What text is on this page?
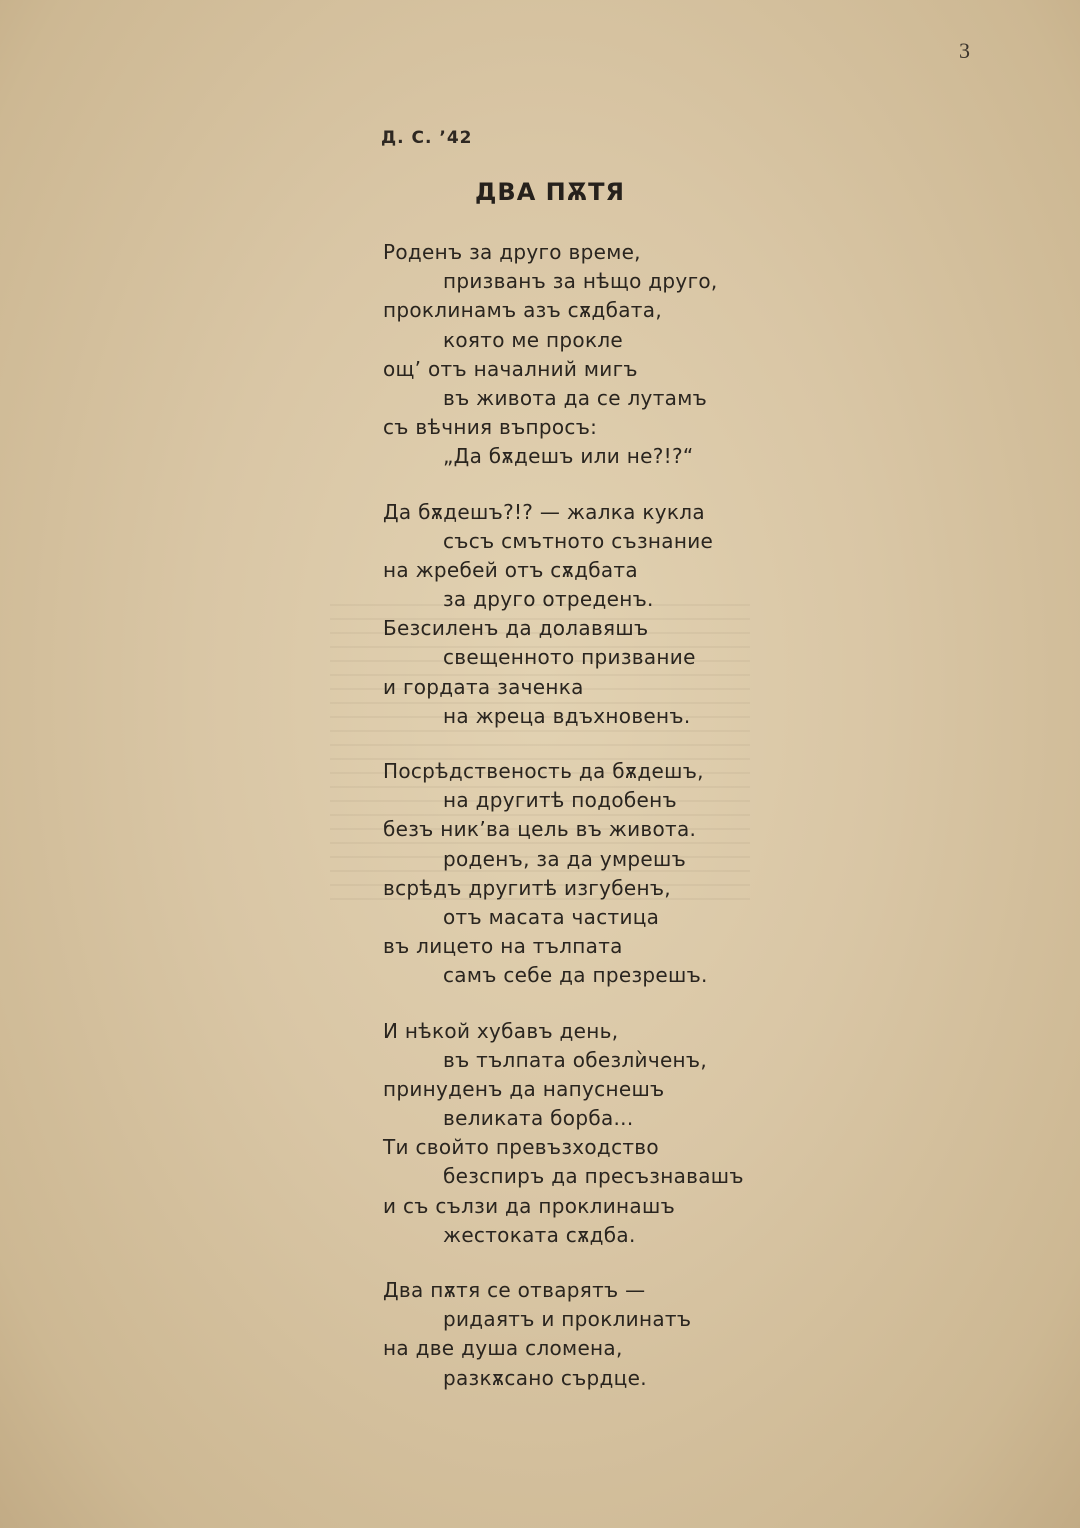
3
Д. С. ’42
ДВА ПѪТЯ
Роденъ за друго време,
призванъ за нѣщо друго,
проклинамъ азъ сѫдбата,
която ме прокле
ощ’ отъ началний мигъ
въ живота да се лутамъ
съ вѣчния въпросъ:
„Да бѫдешъ или не?!?“
Да бѫдешъ?!? — жалка кукла
съсъ смътното съзнание
на жребей отъ сѫдбата
за друго отреденъ.
Безсиленъ да долавяшъ
свещенното призвание
и гордата заченка
на жреца вдъхновенъ.
Посрѣдственость да бѫдешъ,
на другитѣ подобенъ
безъ ник’ва цель въ живота.
роденъ, за да умрешъ
всрѣдъ другитѣ изгубенъ,
отъ масата частица
въ лицето на тълпата
самъ себе да презрешъ.
И нѣкой хубавъ день,
въ тълпата обезлѝченъ,
принуденъ да напуснешъ
великата борба...
Ти свойто превъзходство
безспиръ да пресъзнавашъ
и съ сълзи да проклинашъ
жестоката сѫдба.
Два пѫтя се отварятъ —
ридаятъ и проклинатъ
на две душа сломена,
разкѫсано сърдце.
